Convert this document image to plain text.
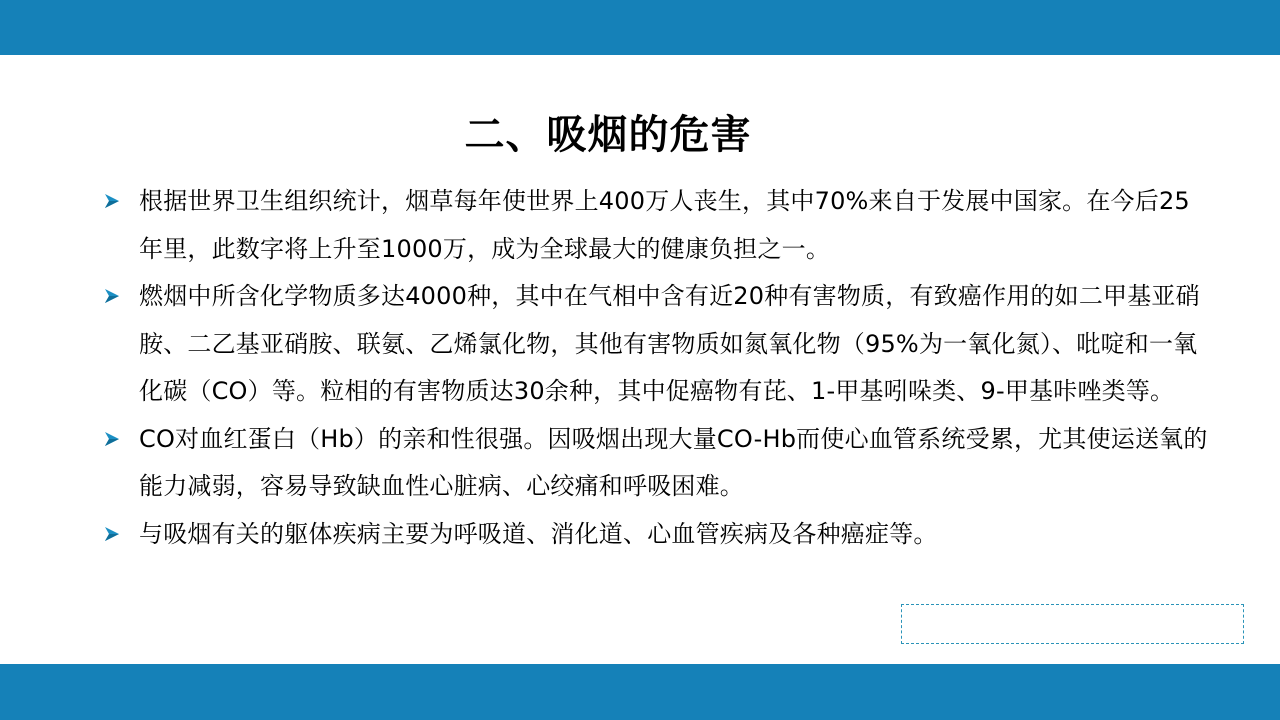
二、吸烟的危害
根据世界卫生组织统计，烟草每年使世界上400万人丧生，其中70%来自于发展中国家。在今后25年里，此数字将上升至1000万，成为全球最大的健康负担之一。
燃烟中所含化学物质多达4000种，其中在气相中含有近20种有害物质，有致癌作用的如二甲基亚硝胺、二乙基亚硝胺、联氨、乙烯氯化物，其他有害物质如氮氧化物（95%为一氧化氮）、吡啶和一氧化碳（CO）等。粒相的有害物质达30余种，其中促癌物有芘、1-甲基吲哚类、9-甲基咔唑类等。
CO对血红蛋白（Hb）的亲和性很强。因吸烟出现大量CO-Hb而使心血管系统受累，尤其使运送氧的能力减弱，容易导致缺血性心脏病、心绞痛和呼吸困难。
与吸烟有关的躯体疾病主要为呼吸道、消化道、心血管疾病及各种癌症等。
